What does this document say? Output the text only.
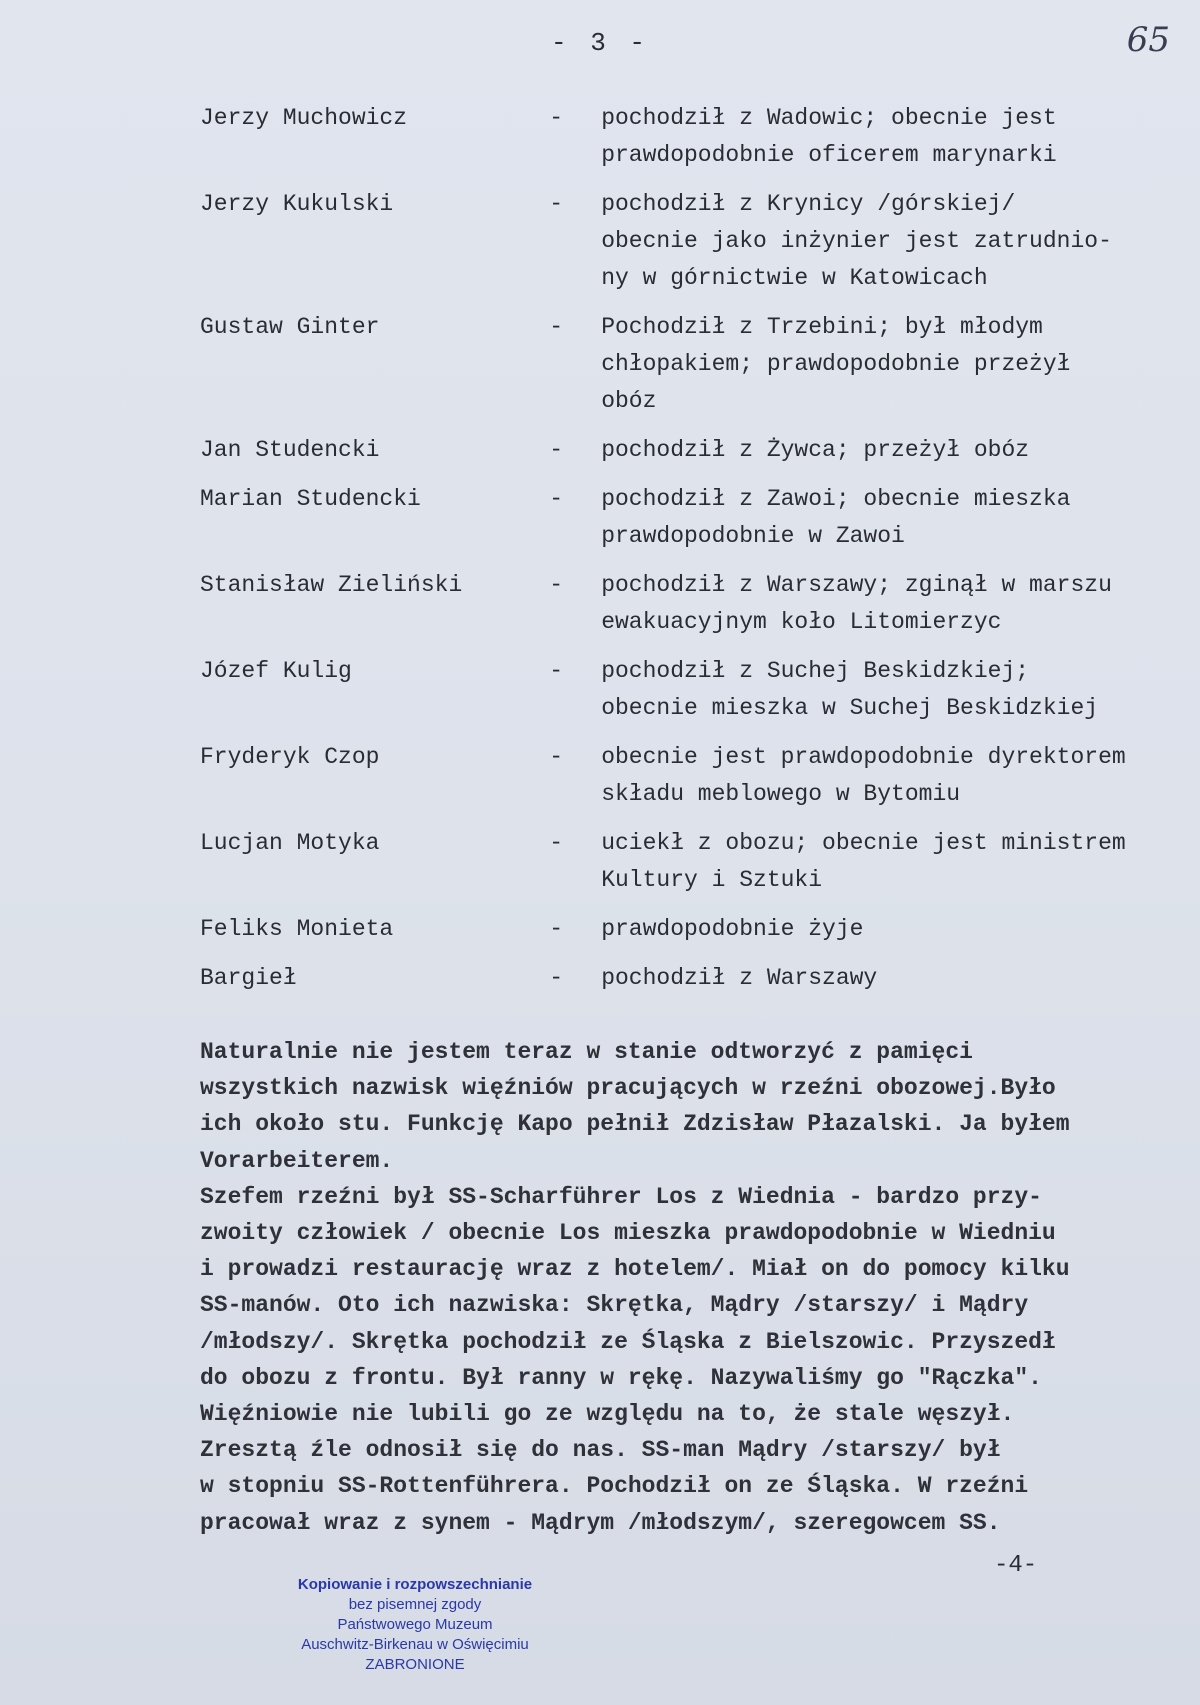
- 3 -	65
Jerzy Muchowicz	-	pochodził z Wadowic; obecnie jest
prawdopodobnie oficerem marynarki
Jerzy Kukulski	-	pochodził z Krynicy /górskiej/
obecnie jako inżynier jest zatrudnio-
ny w górnictwie w Katowicach
Gustaw Ginter	-	Pochodził z Trzebini; był młodym
chłopakiem; prawdopodobnie przeżył
obóz
Jan Studencki	-	pochodził z Żywca; przeżył obóz
Marian Studencki	-	pochodził z Zawoi; obecnie mieszka
prawdopodobnie w Zawoi
Stanisław Zieliński	-	pochodził z Warszawy; zginął w marszu
ewakuacyjnym koło Litomierzyc
Józef Kulig	-	pochodził z Suchej Beskidzkiej;
obecnie mieszka w Suchej Beskidzkiej
Fryderyk Czop	-	obecnie jest prawdopodobnie dyrektorem
składu meblowego w Bytomiu
Lucjan Motyka	-	uciekł z obozu; obecnie jest ministrem
Kultury i Sztuki
Feliks Monieta	-	prawdopodobnie żyje
Bargieł	-	pochodził z Warszawy
Naturalnie nie jestem teraz w stanie odtworzyć z pamięci
wszystkich nazwisk więźniów pracujących w rzeźni obozowej.Było
ich około stu. Funkcję Kapo pełnił Zdzisław Płazalski. Ja byłem
Vorarbeiterem.
Szefem rzeźni był SS-Scharführer Los z Wiednia - bardzo przy-
zwoity człowiek / obecnie Los mieszka prawdopodobnie w Wiedniu
i prowadzi restaurację wraz z hotelem/. Miał on do pomocy kilku
SS-manów. Oto ich nazwiska: Skrętka, Mądry /starszy/ i Mądry
/młodszy/. Skrętka pochodził ze Śląska z Bielszowic. Przyszedł
do obozu z frontu. Był ranny w rękę. Nazywaliśmy go "Rączka".
Więźniowie nie lubili go ze względu na to, że stale węszył.
Zresztą źle odnosił się do nas. SS-man Mądry /starszy/ był
w stopniu SS-Rottenführera. Pochodził on ze Śląska. W rzeźni
pracował wraz z synem - Mądrym /młodszym/, szeregowcem SS.
-4-
Kopiowanie i rozpowszechnianie
bez pisemnej zgody
Państwowego Muzeum
Auschwitz-Birkenau w Oświęcimiu
ZABRONIONE
